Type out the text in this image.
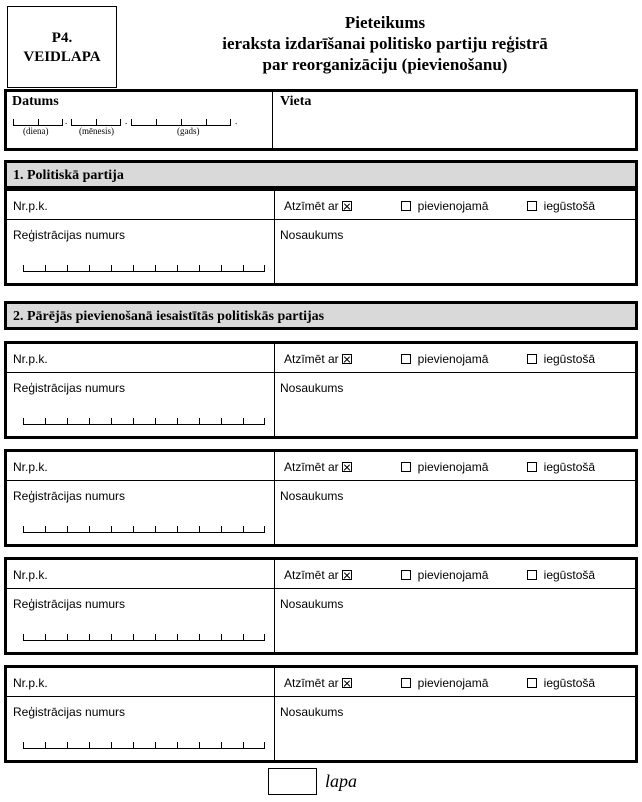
P4.
VEIDLAPA
Pieteikums
ieraksta izdarīšanai politisko partiju reģistrā
par reorganizāciju (pievienošanu)
Datums	Vieta
.	.	.
(diena)	(mēnesis)	(gads)
1. Politiskā partija
Nr.p.k.	Atzīmēt ar	pievienojamā	iegūstošā
Reģistrācijas numurs	Nosaukums
2. Pārējās pievienošanā iesaistītās politiskās partijas
Nr.p.k.	Atzīmēt ar	pievienojamā	iegūstošā
Reģistrācijas numurs	Nosaukums
Nr.p.k.	Atzīmēt ar	pievienojamā	iegūstošā
Reģistrācijas numurs	Nosaukums
Nr.p.k.	Atzīmēt ar	pievienojamā	iegūstošā
Reģistrācijas numurs	Nosaukums
Nr.p.k.	Atzīmēt ar	pievienojamā	iegūstošā
Reģistrācijas numurs	Nosaukums
lapa
